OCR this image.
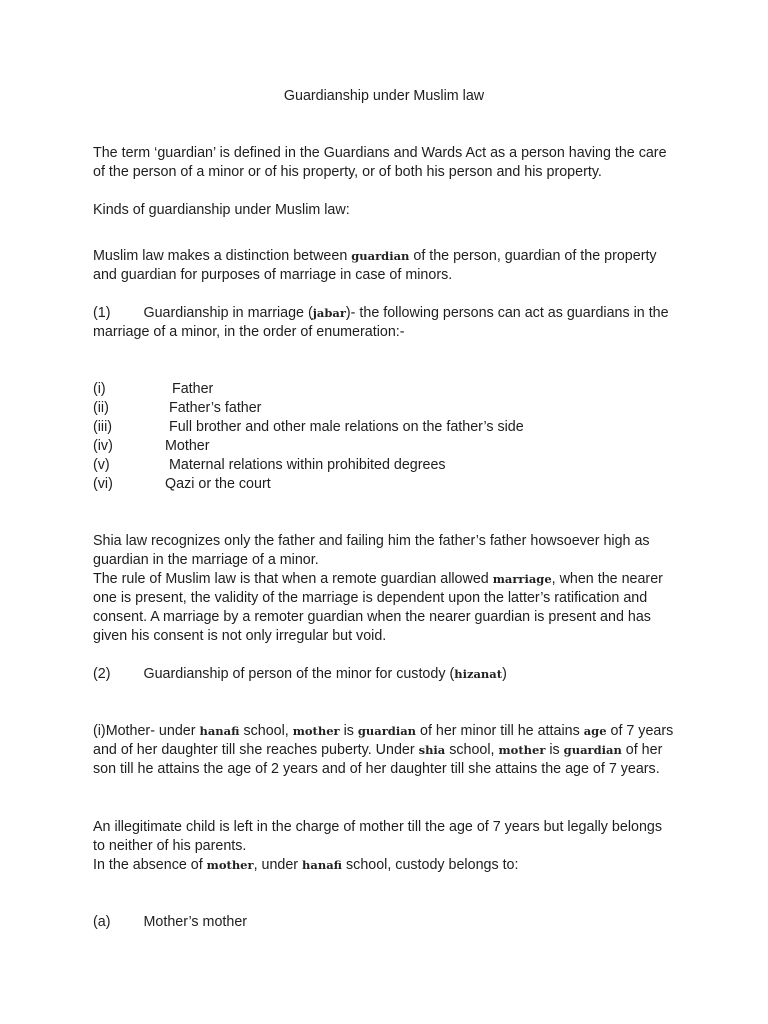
Guardianship under Muslim law
The term ‘guardian’ is defined in the Guardians and Wards Act as a person having the care
of the person of a minor or of his property, or of both his person and his property.
Kinds of guardianship under Muslim law:
Muslim law makes a distinction between guardian of the person, guardian of the property
and guardian for purposes of marriage in case of minors.
(1) Guardianship in marriage (jabar)- the following persons can act as guardians in the
marriage of a minor, in the order of enumeration:-
(i)	Father
(ii)	Father’s father
(iii)	Full brother and other male relations on the father’s side
(iv)	Mother
(v)	Maternal relations within prohibited degrees
(vi)	Qazi or the court
Shia law recognizes only the father and failing him the father’s father howsoever high as
guardian in the marriage of a minor.
The rule of Muslim law is that when a remote guardian allowed marriage, when the nearer
one is present, the validity of the marriage is dependent upon the latter’s ratification and
consent. A marriage by a remoter guardian when the nearer guardian is present and has
given his consent is not only irregular but void.
(2) Guardianship of person of the minor for custody (hizanat)
(i)Mother- under hanafi school, mother is guardian of her minor till he attains age of 7 years
and of her daughter till she reaches puberty. Under shia school, mother is guardian of her
son till he attains the age of 2 years and of her daughter till she attains the age of 7 years.
An illegitimate child is left in the charge of mother till the age of 7 years but legally belongs
to neither of his parents.
In the absence of mother, under hanafi school, custody belongs to:
(a) Mother’s mother
